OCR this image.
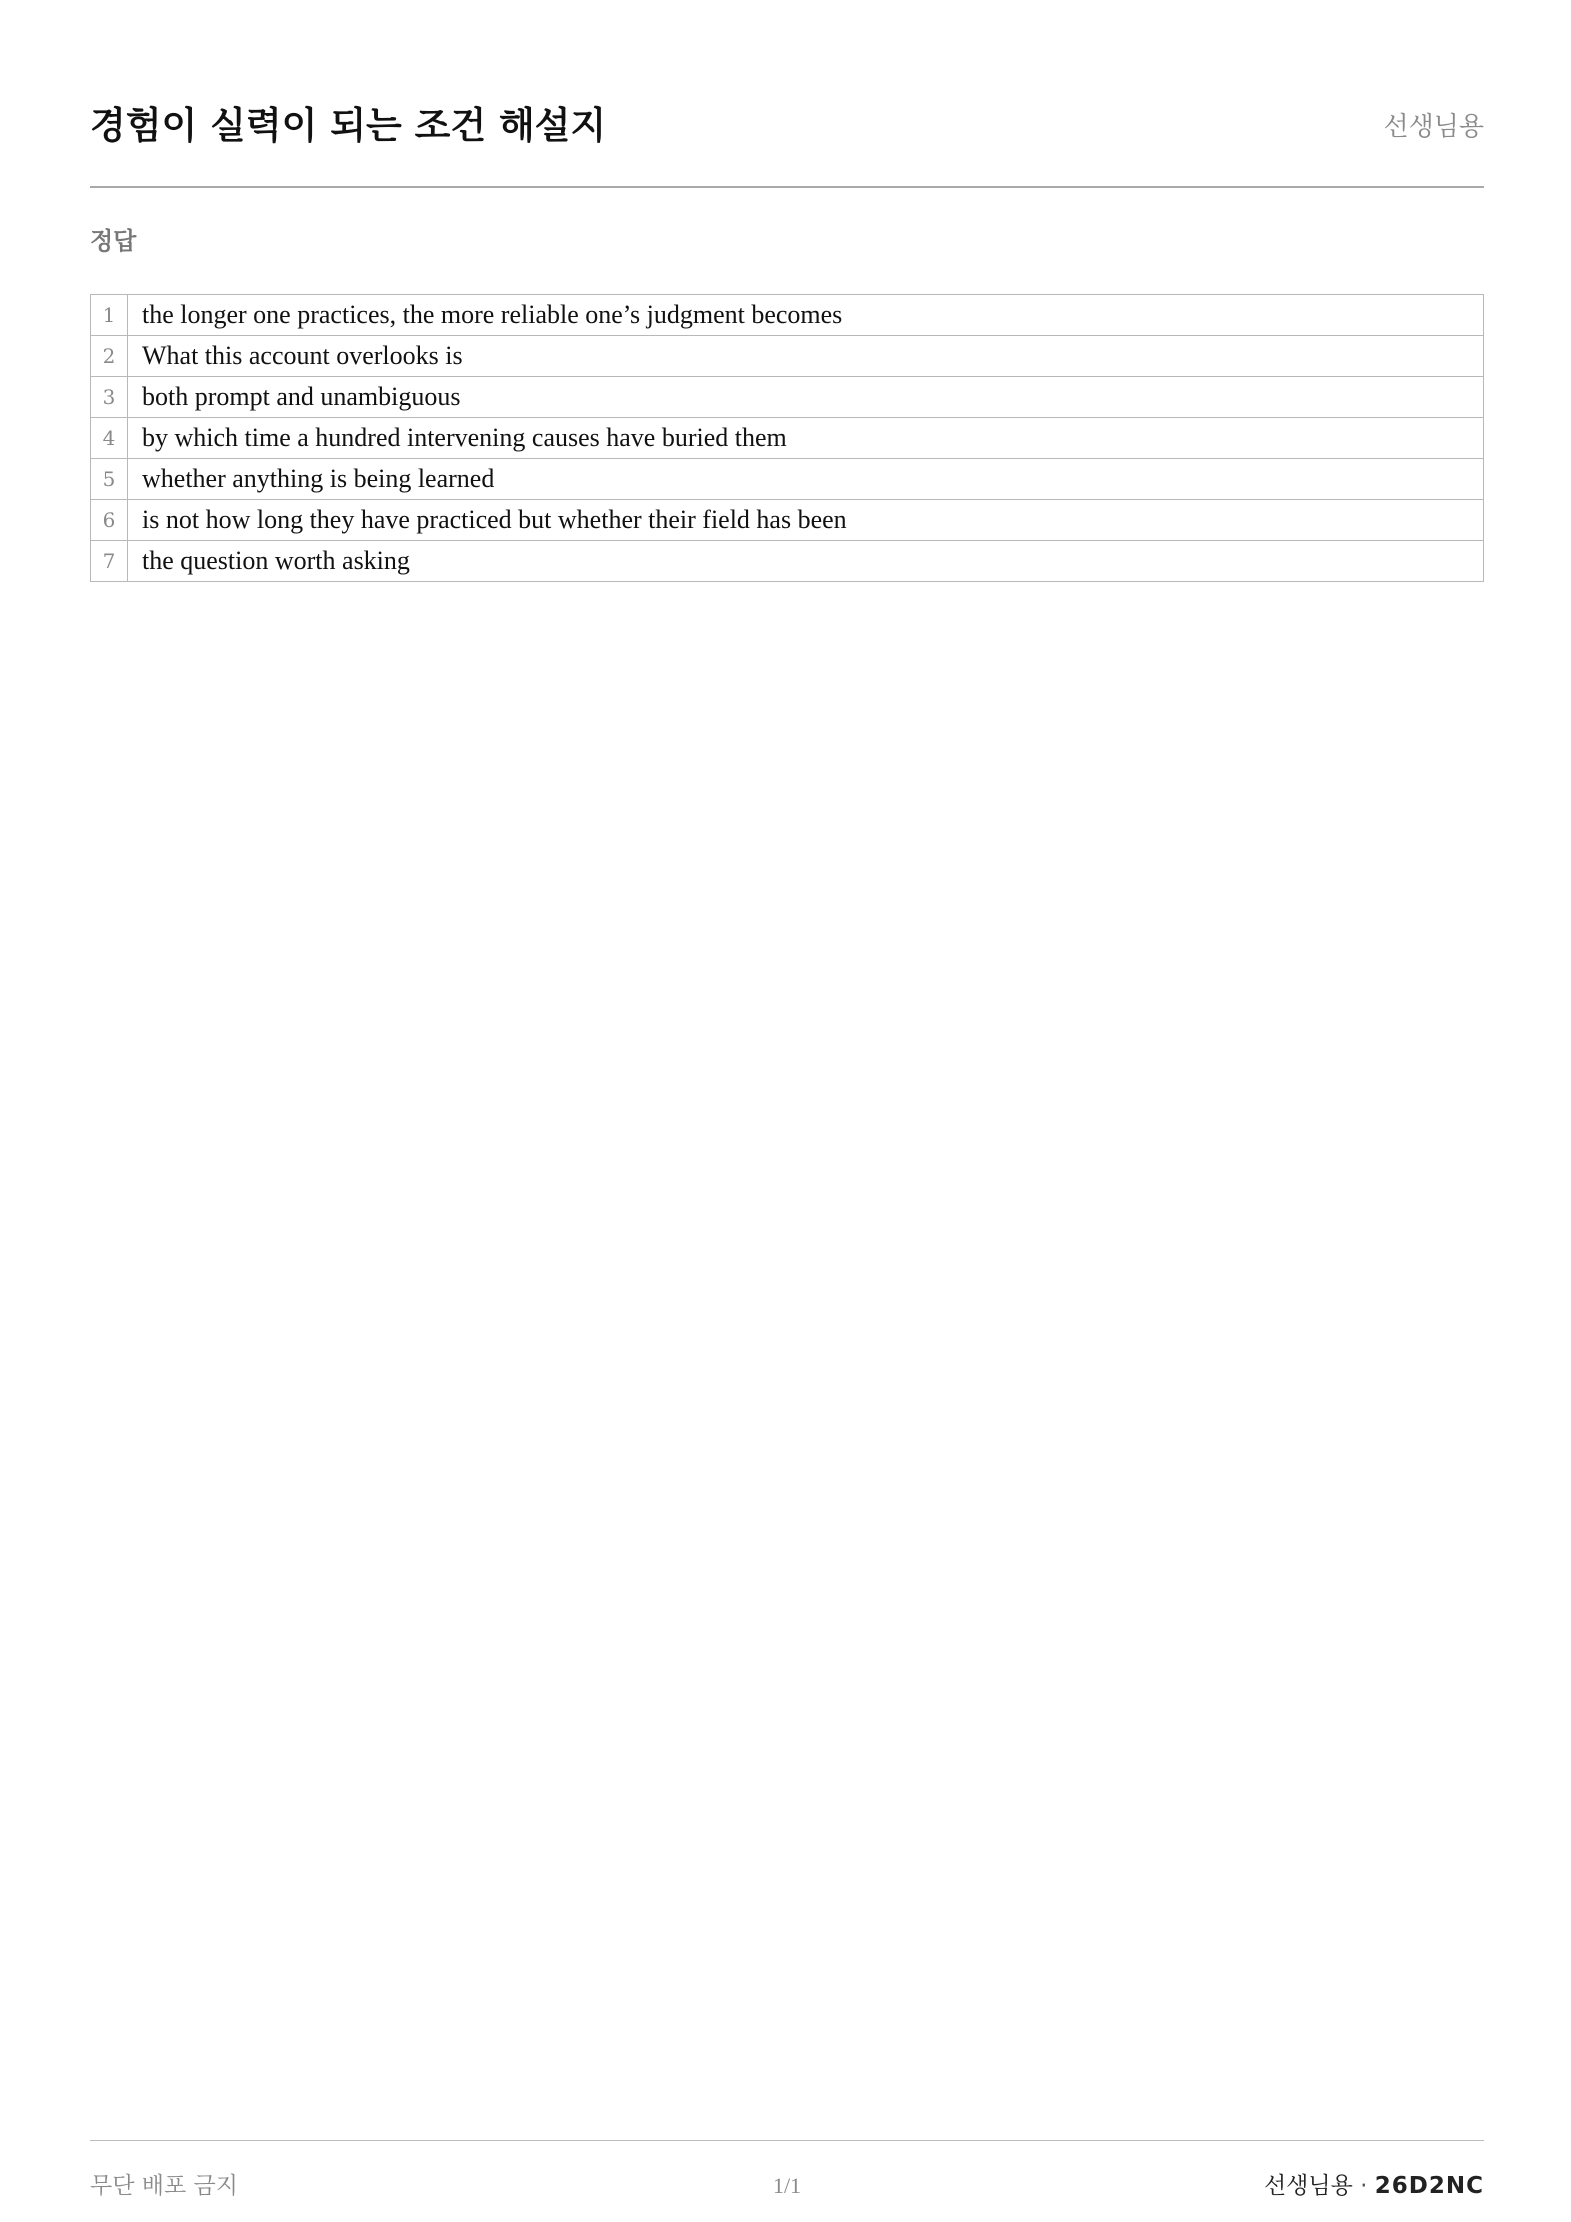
경험이 실력이 되는 조건 해설지	선생님용
정답
1	the longer one practices, the more reliable one’s judgment becomes
2	What this account overlooks is
3	both prompt and unambiguous
4	by which time a hundred intervening causes have buried them
5	whether anything is being learned
6	is not how long they have practiced but whether their field has been
7	the question worth asking
무단 배포 금지	1/1	선생님용 · 26D2NC
